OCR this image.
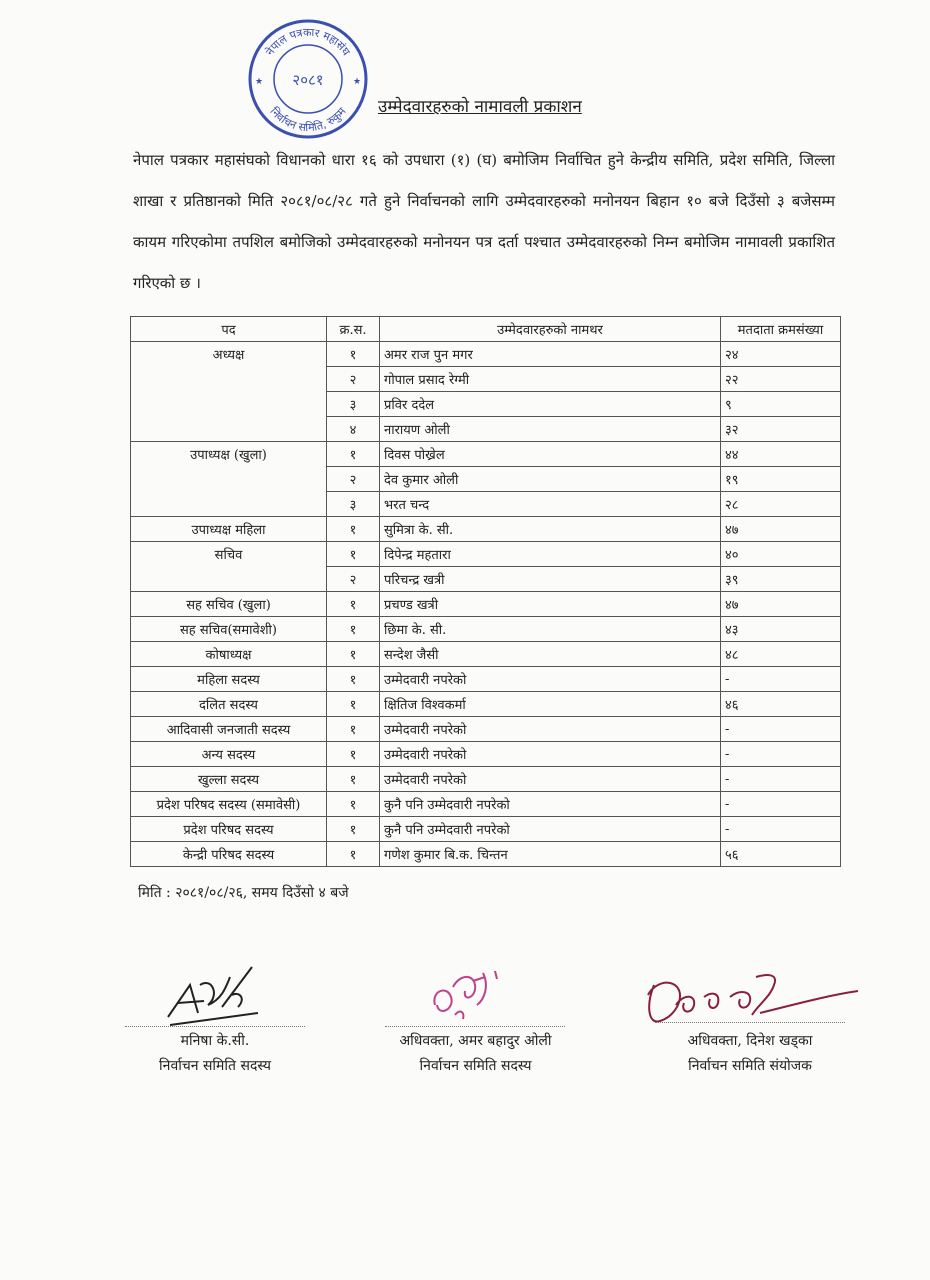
नेपाल पत्रकार महासंघ
निर्वाचन समिति, रुकुम
२०८१
★	★
उम्मेदवारहरुको नामावली प्रकाशन
नेपाल पत्रकार महासंघको विधानको धारा १६ को उपधारा (१) (घ) बमोजिम निर्वाचित हुने केन्द्रीय समिति, प्रदेश समिति, जिल्ला शाखा र प्रतिष्ठानको मिति २०८१/०८/२८ गते हुने निर्वाचनको लागि उम्मेदवारहरुको मनोनयन बिहान १० बजे दिउँसो ३ बजेसम्म कायम गरिएकोमा तपशिल बमोजिको उम्मेदवारहरुको मनोनयन पत्र दर्ता पश्चात उम्मेदवारहरुको निम्न बमोजिम नामावली प्रकाशित गरिएको छ ।
पद	क्र.स.	उम्मेदवारहरुको नामथर	मतदाता क्रमसंख्या
अध्यक्ष	१	अमर राज पुन मगर	२४
	२	गोपाल प्रसाद रेग्मी	२२
	३	प्रविर ददेल	९
	४	नारायण ओली	३२
उपाध्यक्ष (खुला)	१	दिवस पोख्रेल	४४
	२	देव कुमार ओली	१९
	३	भरत चन्द	२८
उपाध्यक्ष महिला	१	सुमित्रा के. सी.	४७
सचिव	१	दिपेन्द्र महतारा	४०
	२	परिचन्द्र खत्री	३९
सह सचिव (खुला)	१	प्रचण्ड खत्री	४७
सह सचिव(समावेशी)	१	छिमा के. सी.	४३
कोषाध्यक्ष	१	सन्देश जैसी	४८
महिला सदस्य	१	उम्मेदवारी नपरेको	-
दलित सदस्य	१	क्षितिज विश्वकर्मा	४६
आदिवासी जनजाती सदस्य	१	उम्मेदवारी नपरेको	-
अन्य सदस्य	१	उम्मेदवारी नपरेको	-
खुल्ला सदस्य	१	उम्मेदवारी नपरेको	-
प्रदेश परिषद सदस्य (समावेसी)	१	कुनै पनि उम्मेदवारी नपरेको	-
प्रदेश परिषद सदस्य	१	कुनै पनि उम्मेदवारी नपरेको	-
केन्द्री परिषद सदस्य	१	गणेश कुमार बि.क. चिन्तन	५६
मिति : २०८१/०८/२६, समय दिउँसो ४ बजे
मनिषा के.सी.
निर्वाचन समिति सदस्य
अधिवक्ता, अमर बहादुर ओली
निर्वाचन समिति सदस्य
अधिवक्ता, दिनेश खड्का
निर्वाचन समिति संयोजक
